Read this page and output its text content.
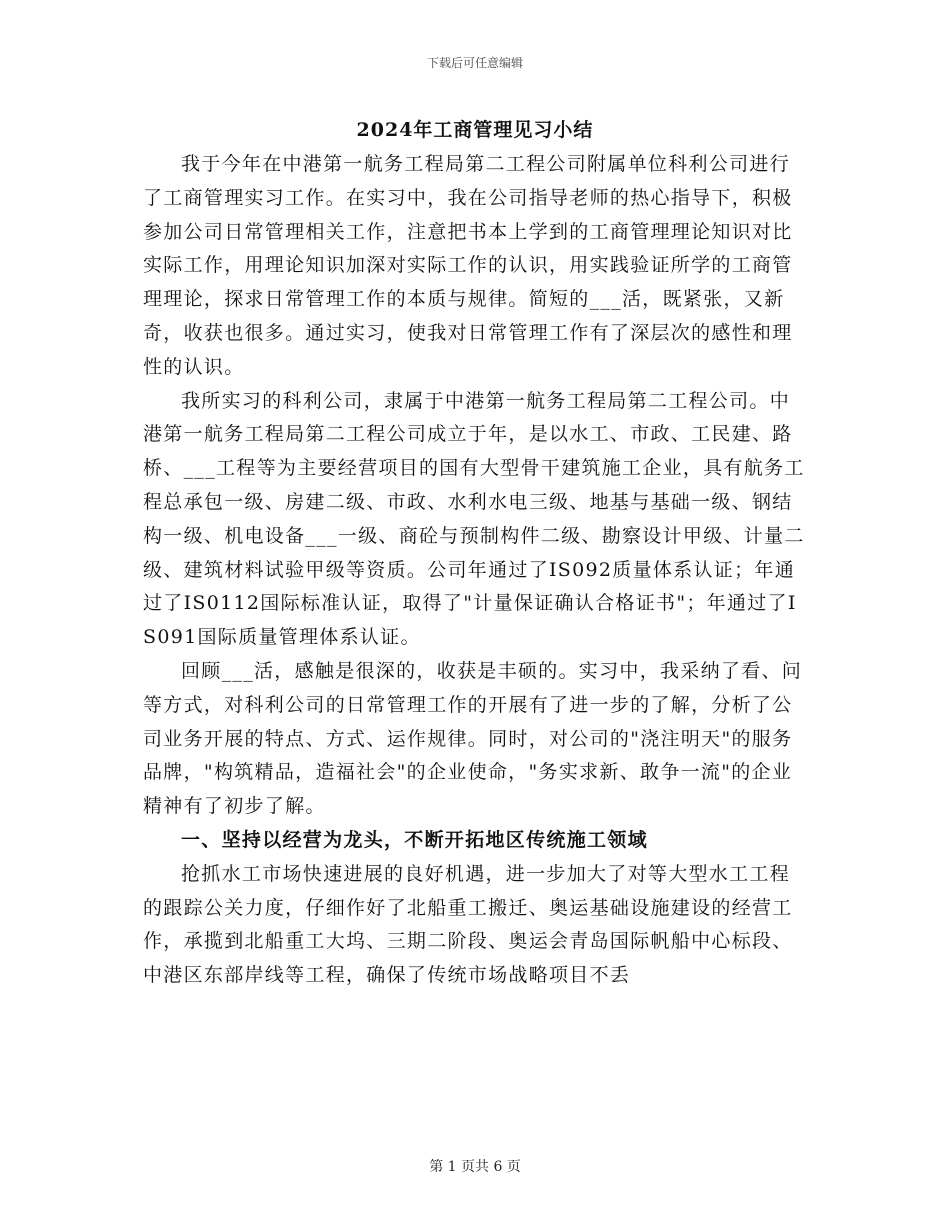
下载后可任意编辑
2024年工商管理见习小结

我于今年在中港第一航务工程局第二工程公司附属单位科利公司进行了工商管理实习工作。在实习中，我在公司指导老师的热心指导下，积极参加公司日常管理相关工作，注意把书本上学到的工商管理理论知识对比实际工作，用理论知识加深对实际工作的认识，用实践验证所学的工商管理理论，探求日常管理工作的本质与规律。简短的___活，既紧张，又新奇，收获也很多。通过实习，使我对日常管理工作有了深层次的感性和理性的认识。

我所实习的科利公司，隶属于中港第一航务工程局第二工程公司。中港第一航务工程局第二工程公司成立于年，是以水工、市政、工民建、路桥、___工程等为主要经营项目的国有大型骨干建筑施工企业，具有航务工程总承包一级、房建二级、市政、水利水电三级、地基与基础一级、钢结构一级、机电设备___一级、商砼与预制构件二级、勘察设计甲级、计量二级、建筑材料试验甲级等资质。公司年通过了IS092质量体系认证；年通过了IS0112国际标准认证，取得了"计量保证确认合格证书"；年通过了IS091国际质量管理体系认证。

回顾___活，感触是很深的，收获是丰硕的。实习中，我采纳了看、问等方式，对科利公司的日常管理工作的开展有了进一步的了解，分析了公司业务开展的特点、方式、运作规律。同时，对公司的"浇注明天"的服务品牌，"构筑精品，造福社会"的企业使命，"务实求新、敢争一流"的企业精神有了初步了解。

一、坚持以经营为龙头，不断开拓地区传统施工领域

抢抓水工市场快速进展的良好机遇，进一步加大了对等大型水工工程的跟踪公关力度，仔细作好了北船重工搬迁、奥运基础设施建设的经营工作，承揽到北船重工大坞、三期二阶段、奥运会青岛国际帆船中心标段、中港区东部岸线等工程，确保了传统市场战略项目不丢

第 1 页共 6 页
